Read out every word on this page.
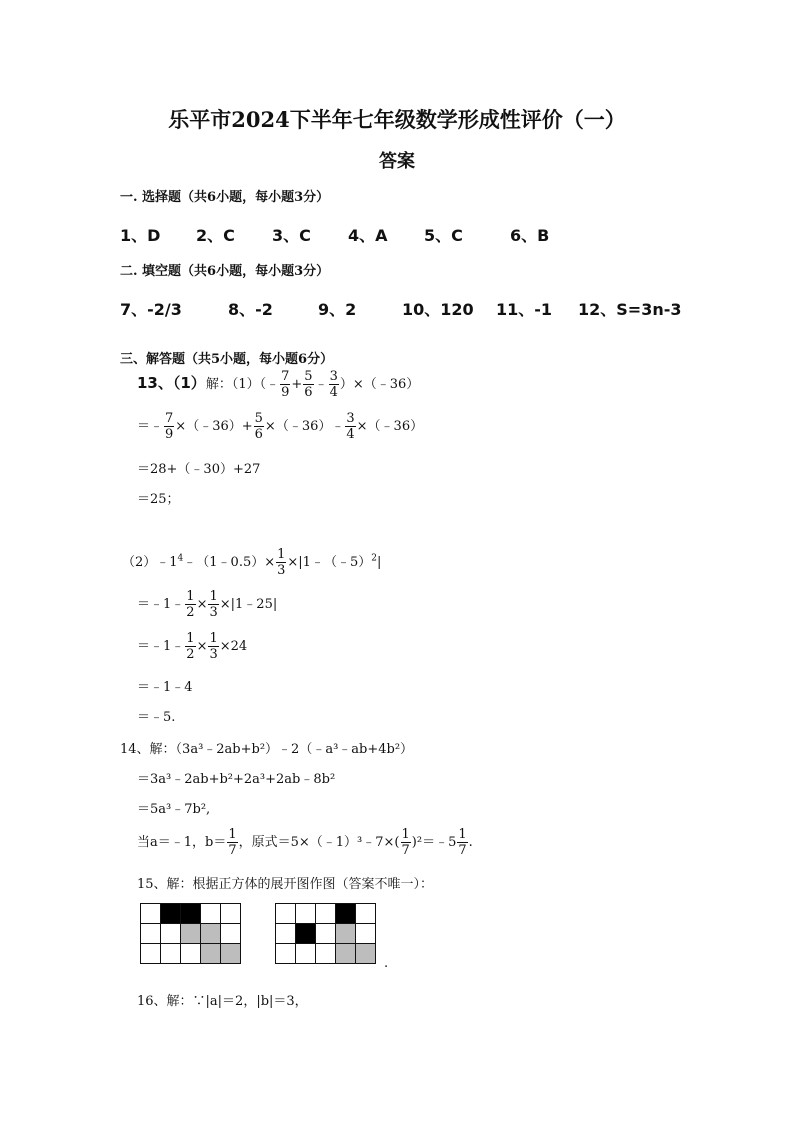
乐平市2024下半年七年级数学形成性评价（一）
答案
一. 选择题（共6小题，每小题3分）
1、D 2、C 3、C 4、A 5、C	6、B
二. 填空题（共6小题，每小题3分）
7、-2/3	8、-2	9、2	10、120 11、-1 12、S=3n-3
三、解答题（共5小题，每小题6分）
13、（1）解：（1）（﹣ $\frac{7}{9} + \frac{5}{6}$ ﹣ $\frac{3}{4}$ ）×（﹣36）
＝﹣ $\frac{7}{9}$ ×（﹣36）+ $\frac{5}{6}$ ×（﹣36）﹣ $\frac{3}{4}$ ×（﹣36）
＝28+（﹣30）+27
＝25；
$(2)﹣1^4﹣(1﹣0.5)\times \frac{1}{3}$ ×|1﹣（﹣5）$^2$|
＝﹣1﹣ $\frac{1}{2} \times \frac{1}{3}$ ×|1﹣25|
＝﹣1﹣ $\frac{1}{2} \times \frac{1}{3} \times 24$
＝﹣1﹣4
＝﹣5.
14、解：（3a³﹣2ab+b²）﹣2（﹣a³﹣ab+4b²）
＝3a³﹣2ab+b²+2a³+2ab﹣8b²
＝5a³﹣7b²,
当a＝﹣1，$b= \frac{1}{7}$ ，原式＝5×（﹣1）³﹣7×( $\frac{1}{7}$ )²＝﹣5 $\frac{1}{7}$ .
15、解：根据正方体的展开图作图（答案不唯一）：

.
16、解：∵|a|＝2，|b|＝3，
